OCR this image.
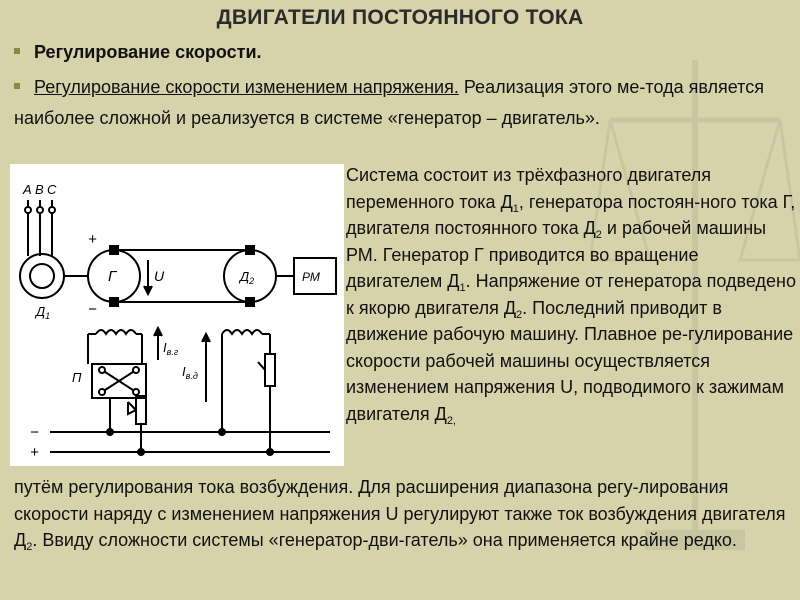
ДВИГАТЕЛИ ПОСТОЯННОГО ТОКА
Регулирование скорости.
Регулирование скорости изменением напряжения. Реализация этого ме-тода является наиболее сложной и реализуется в системе «генератор – двигатель».
A B C
$Д_1$
Г	U	$Д_2$	РМ
$I_{в.г}$
$I_{в.д}$
П
+
−
−
+
Система состоит из трёхфазного двигателя переменного тока $Д_1$, генератора постоян-ного тока Г, двигателя постоянного тока $Д_2$ и рабочей машины РМ. Генератор Г приводится во вращение двигателем $Д_1$. Напряжение от генератора подведено к якорю двигателя $Д_2$. Последний приводит в движение рабочую машину. Плавное ре-гулирование скорости рабочей машины осуществляется изменением напряжения U, подводимого к зажимам двигателя $Д_{2,}$
путём регулирования тока возбуждения. Для расширения диапазона регу-лирования скорости наряду с изменением напряжения U регулируют также ток возбуждения двигателя $Д_2$. Ввиду сложности системы «генератор-дви-гатель» она применяется крайне редко.
